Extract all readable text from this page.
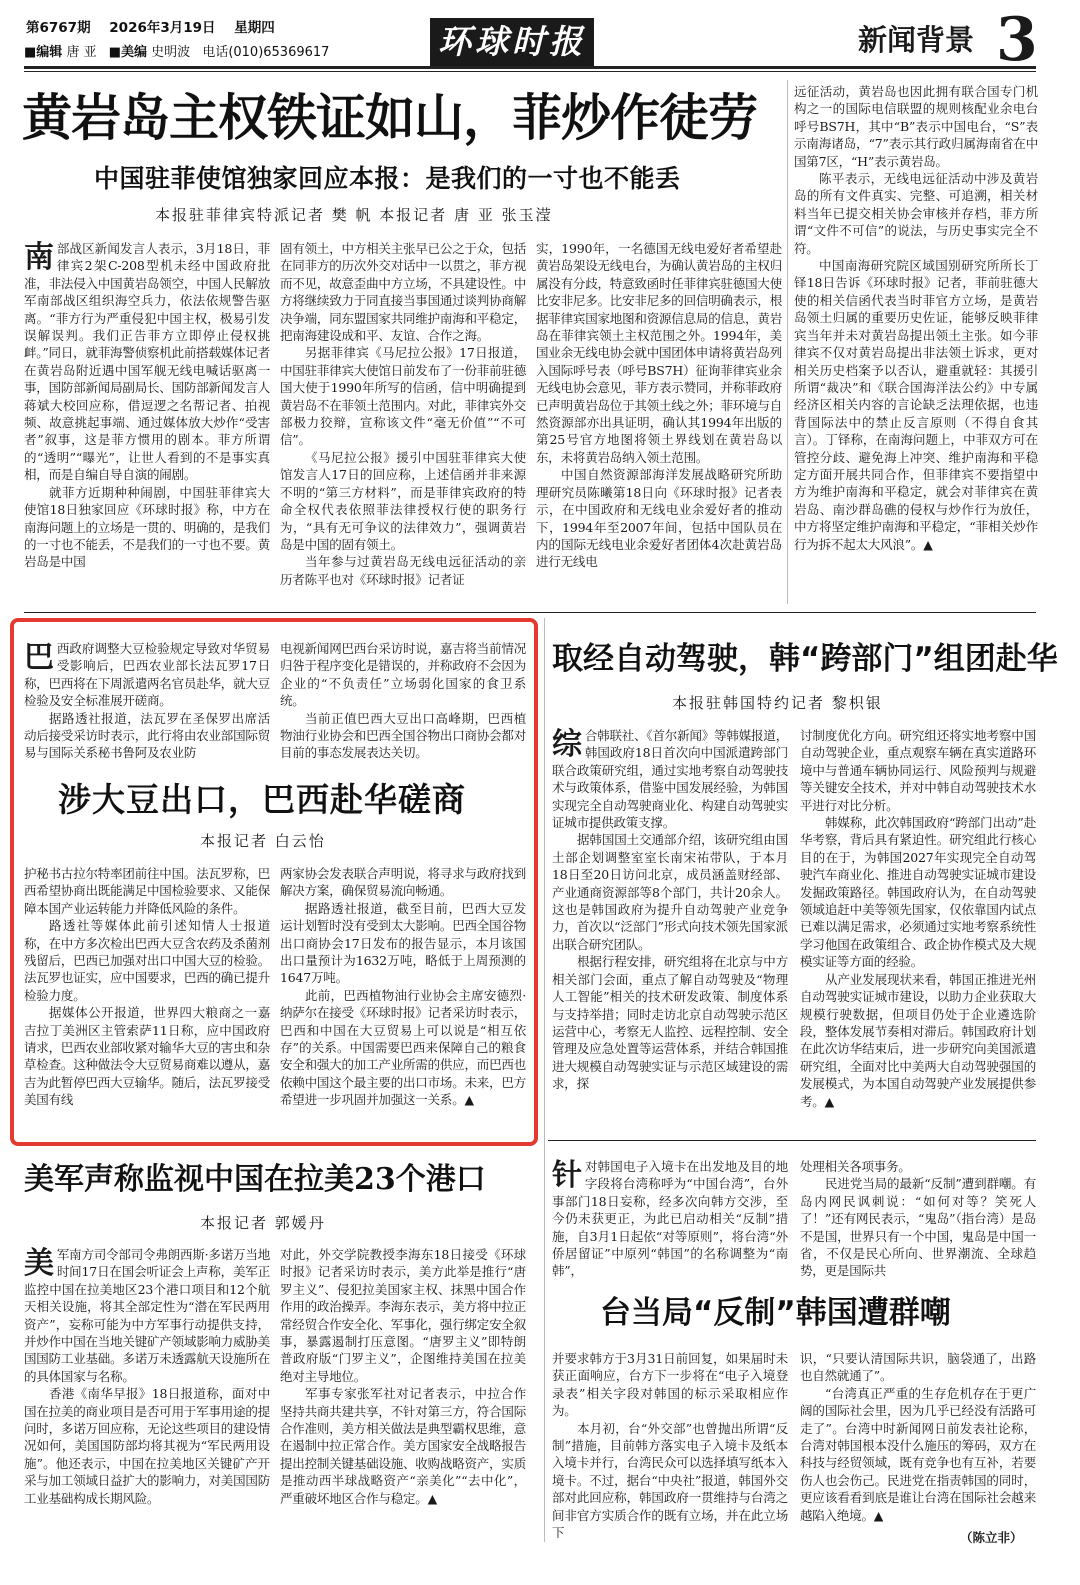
第6767期 2026年3月19日 星期四
■编辑 唐 亚 ■美编 史明波 电话(010)65369617	环球时报	新闻背景 3
黄岩岛主权铁证如山，菲炒作徒劳
中国驻菲使馆独家回应本报：是我们的一寸也不能丢
本报驻菲律宾特派记者 樊 帆 本报记者 唐 亚 张玉滢
南 部战区新闻发言人表示，3月18日，菲律宾2架C-208型机未经中国政府批准，非法侵入中国黄岩岛领空，中国人民解放军南部战区组织海空兵力，依法依规警告驱离。“菲方行为严重侵犯中国主权，极易引发误解误判。我们正告菲方立即停止侵权挑衅。”同日，就菲海警侦察机此前搭载媒体记者在黄岩岛附近遇中国军舰无线电喊话驱离一事，国防部新闻局副局长、国防部新闻发言人蒋斌大校回应称，借逗逻之名帮记者、拍视频、故意挑起事端、通过媒体放大炒作“受害者”叙事，这是菲方惯用的剧本。菲方所谓的“透明”“曝光”，让世人看到的不是事实真相，而是自编自导自演的闹剧。

就菲方近期种种闹剧，中国驻菲律宾大使馆18日独家回应《环球时报》称，中方在南海问题上的立场是一贯的、明确的，是我们的一寸也不能丢，不是我们的一寸也不要。黄岩岛是中国

固有领土，中方相关主张早已公之于众，包括在同菲方的历次外交对话中一以贯之，菲方视而不见，故意歪曲中方立场，不具建设性。中方将继续致力于同直接当事国通过谈判协商解决争端，同东盟国家共同维护南海和平稳定，把南海建设成和平、友谊、合作之海。

另据菲律宾《马尼拉公报》17日报道，中国驻菲律宾大使馆日前发布了一份菲前驻德国大使于1990年所写的信函，信中明确提到黄岩岛不在菲领土范围内。对此，菲律宾外交部极力狡辩，宣称该文件“毫无价值”“不可信”。

《马尼拉公报》援引中国驻菲律宾大使馆发言人17日的回应称，上述信函并非来源不明的“第三方材料”，而是菲律宾政府的特命全权代表依照菲法律授权行使的职务行为，“具有无可争议的法律效力”，强调黄岩岛是中国的固有领土。

当年参与过黄岩岛无线电远征活动的亲历者陈平也对《环球时报》记者证

实，1990年，一名德国无线电爱好者希望赴黄岩岛架设无线电台，为确认黄岩岛的主权归属没有分歧，特意致函时任菲律宾驻德国大使比安非尼多。比安非尼多的回信明确表示，根据菲律宾国家地图和资源信息局的信息，黄岩岛在菲律宾领土主权范围之外。1994年，美国业余无线电协会就中国团体申请将黄岩岛列入国际呼号表（呼号BS7H）征询菲律宾业余无线电协会意见，菲方表示赞同，并称菲政府已声明黄岩岛位于其领土线之外；菲环境与自然资源部亦出具证明，确认其1994年出版的第25号官方地图将领土界线划在黄岩岛以东，未将黄岩岛纳入领土范围。

中国自然资源部海洋发展战略研究所助理研究员陈曦第18日向《环球时报》记者表示，在中国政府和无线电业余爱好者的推动下，1994年至2007年间，包括中国队员在内的国际无线电业余爱好者团体4次赴黄岩岛进行无线电

远征活动，黄岩岛也因此拥有联合国专门机构之一的国际电信联盟的规则核配业余电台呼号BS7H，其中“B”表示中国电台，“S”表示南海诸岛，“7”表示其行政归属海南省在中国第7区，“H”表示黄岩岛。

陈平表示，无线电远征活动中涉及黄岩岛的所有文件真实、完整、可追溯，相关材料当年已提交相关协会审核并存档，菲方所谓“文件不可信”的说法，与历史事实完全不符。

中国南海研究院区域国别研究所所长丁铎18日告诉《环球时报》记者，菲前驻德大使的相关信函代表当时菲官方立场，是黄岩岛领土归属的重要历史佐证，能够反映菲律宾当年并未对黄岩岛提出领土主张。如今菲律宾不仅对黄岩岛提出非法领土诉求，更对相关历史档案予以否认，避重就轻：其援引所谓“裁决”和《联合国海洋法公约》中专属经济区相关内容的言论缺乏法理依据，也违背国际法中的禁止反言原则（不得自食其言）。丁铎称，在南海问题上，中菲双方可在管控分歧、避免海上冲突、维护南海和平稳定方面开展共同合作，但菲律宾不要指望中方为维护南海和平稳定，就会对菲律宾在黄岩岛、南沙群岛礁的侵权与炒作行为放任，中方将坚定维护南海和平稳定，“菲相关炒作行为拆不起太大风浪”。▲

巴 西政府调整大豆检验规定导致对华贸易受影响后，巴西农业部长法瓦罗17日称，巴西将在下周派遣两名官员赴华，就大豆检验及安全标准展开磋商。

据路透社报道，法瓦罗在圣保罗出席活动后接受采访时表示，此行将由农业部国际贸易与国际关系秘书鲁阿及农业防

电视新闻网巴西台采访时说，嘉吉将当前情况归咎于程序变化是错误的，并称政府不会因为企业的“不负责任”立场弱化国家的食卫系统。

当前正值巴西大豆出口高峰期，巴西植物油行业协会和巴西全国谷物出口商协会都对目前的事态发展表达关切。

涉大豆出口，巴西赴华磋商
本报记者 白云怡

护秘书古拉尔特率团前往中国。法瓦罗称，巴西希望协商出既能满足中国检验要求、又能保障本国产业运转能力并降低风险的条件。

路透社等媒体此前引述知情人士报道称，在中方多次检出巴西大豆含农药及杀菌剂残留后，巴西已加强对出口中国大豆的检验。法瓦罗也证实，应中国要求，巴西的确已提升检验力度。

据媒体公开报道，世界四大粮商之一嘉吉拉丁美洲区主管索萨11日称，应中国政府请求，巴西农业部收紧对输华大豆的害虫和杂草检查。这种做法令大豆贸易商难以遵从，嘉吉为此暂停巴西大豆输华。随后，法瓦罗接受美国有线

两家协会发表联合声明说，将寻求与政府找到解决方案，确保贸易流向畅通。

据路透社报道，截至目前，巴西大豆发运计划暂时没有受到太大影响。巴西全国谷物出口商协会17日发布的报告显示，本月该国出口量预计为1632万吨，略低于上周预测的1647万吨。

此前，巴西植物油行业协会主席安德烈·纳萨尔在接受《环球时报》记者采访时表示，巴西和中国在大豆贸易上可以说是“相互依存”的关系。中国需要巴西来保障自己的粮食安全和强大的加工产业所需的供应，而巴西也依赖中国这个最主要的出口市场。未来，巴方希望进一步巩固并加强这一关系。▲

取经自动驾驶，韩“跨部门”组团赴华
本报驻韩国特约记者 黎枳银
综 合韩联社、《首尔新闻》等韩媒报道，韩国政府18日首次向中国派遣跨部门联合政策研究组，通过实地考察自动驾驶技术与政策体系，借鉴中国发展经验，为韩国实现完全自动驾驶商业化、构建自动驾驶实证城市提供政策支撑。

据韩国国土交通部介绍，该研究组由国土部企划调整室室长南宋祐带队，于本月18日至20日访问北京，成员涵盖财经部、产业通商资源部等8个部门，共计20余人。这也是韩国政府为提升自动驾驶产业竞争力，首次以“泛部门”形式向技术领先国家派出联合研究团队。

根据行程安排，研究组将在北京与中方相关部门会面，重点了解自动驾驶及“物理人工智能”相关的技术研发政策、制度体系与支持举措；同时走访北京自动驾驶示范区运营中心，考察无人监控、远程控制、安全管理及应急处置等运营体系，并结合韩国推进大规模自动驾驶实证与示范区域建设的需求，探

讨制度优化方向。研究组还将实地考察中国自动驾驶企业，重点观察车辆在真实道路环境中与普通车辆协同运行、风险预判与规避等关键安全技术，并对中韩自动驾驶技术水平进行对比分析。

韩媒称，此次韩国政府“跨部门出动”赴华考察，背后具有紧迫性。研究组此行核心目的在于，为韩国2027年实现完全自动驾驶汽车商业化、推进自动驾驶实证城市建设发掘政策路径。韩国政府认为，在自动驾驶领域追赶中美等领先国家，仅依靠国内试点已难以满足需求，必须通过实地考察系统性学习他国在政策组合、政企协作模式及大规模实证等方面的经验。

从产业发展现状来看，韩国正推进光州自动驾驶实证城市建设，以助力企业获取大规模行驶数据，但项目仍处于企业遴选阶段，整体发展节奏相对滞后。韩国政府计划在此次访华结束后，进一步研究向美国派遣研究组，全面对比中美两大自动驾驶强国的发展模式，为本国自动驾驶产业发展提供参考。▲

美军声称监视中国在拉美23个港口
本报记者 郭媛丹
美 军南方司令部司令弗朗西斯·多诺万当地时间17日在国会听证会上声称，美军正监控中国在拉美地区23个港口项目和12个航天相关设施，将其全部定性为“潜在军民两用资产”，妄称可能为中方军事行动提供支持，并炒作中国在当地关键矿产领域影响力威胁美国国防工业基础。多诺万未透露航天设施所在的具体国家与名称。

香港《南华早报》18日报道称，面对中国在拉美的商业项目是否可用于军事用途的提问时，多诺万回应称，无论这些项目的建设情况如何，美国国防部均将其视为“军民两用设施”。他还表示，中国在拉美地区关键矿产开采与加工领域日益扩大的影响力，对美国国防工业基础构成长期风险。

对此，外交学院教授李海东18日接受《环球时报》记者采访时表示，美方此举是推行“唐罗主义”、侵犯拉美国家主权、抹黑中国合作作用的政治操弄。李海东表示，美方将中拉正常经贸合作安全化、军事化，强行绑定安全叙事，暴露遏制打压意图。“唐罗主义”即特朗普政府版“门罗主义”，企图维持美国在拉美绝对主导地位。

军事专家张军社对记者表示，中拉合作坚持共商共建共享，不针对第三方，符合国际合作准则，美方相关做法是典型霸权思维，意在遏制中拉正常合作。美方国家安全战略报告提出控制关键基础设施、收购战略资产，实质是推动西半球战略资产“亲美化”“去中化”，严重破坏地区合作与稳定。▲

针 对韩国电子入境卡在出发地及目的地字段将台湾称呼为“中国台湾”，台外事部门18日妄称，经多次向韩方交涉，至今仍未获更正，为此已启动相关“反制”措施，自3月1日起依“对等原则”，将台湾“外侨居留证”中原列“韩国”的名称调整为“南韩”，

处理相关各项事务。

民进党当局的最新“反制”遭到群嘲。有岛内网民讽刺说：“如何对等？笑死人了！”还有网民表示，“鬼岛”（指台湾）是岛不是国，世界只有一个中国，鬼岛是中国一省，不仅是民心所向、世界潮流、全球趋势，更是国际共

台当局“反制”韩国遭群嘲

并要求韩方于3月31日前回复，如果届时未获正面响应，台方下一步将在“电子入境登录表”相关字段对韩国的标示采取相应作为。

本月初，台“外交部”也曾抛出所谓“反制”措施，目前韩方落实电子入境卡及纸本入境卡并行，台湾民众可以选择填写纸本入境卡。不过，据台“中央社”报道，韩国外交部对此回应称，韩国政府一贯维持与台湾之间非官方实质合作的既有立场，并在此立场下

识，“只要认清国际共识，脑袋通了，出路也自然就通了”。

“台湾真正严重的生存危机存在于更广阔的国际社会里，因为几乎已经没有活路可走了”。台湾中时新闻网日前发表社论称，台湾对韩国根本没什么施压的筹码，双方在科技与经贸领域，既有竞争也有互补，若要伤人也会伤己。民进党在指责韩国的同时，更应该看看到底是谁让台湾在国际社会越来越陷入绝境。▲

（陈立非）
